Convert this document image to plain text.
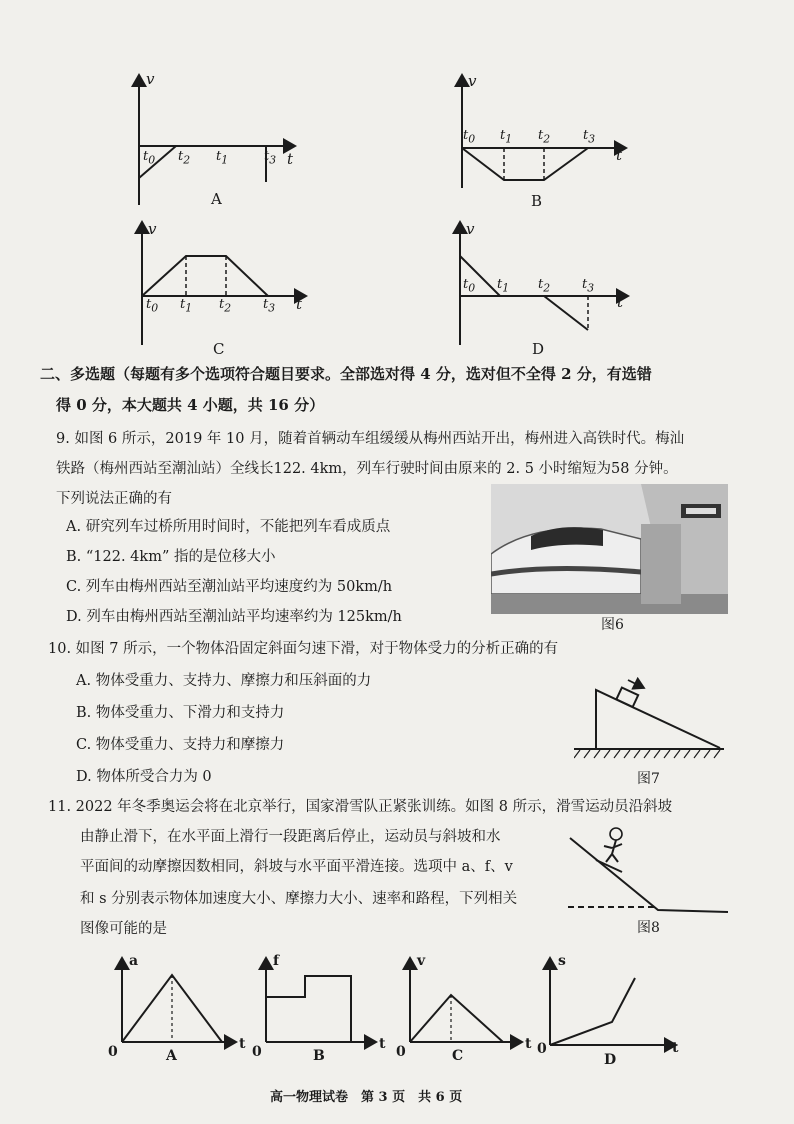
v
t
$t_0$ $t_2$ $t_1$	$t_3$
A
v
t
$t_0$ $t_1$ $t_2$	$t_3$
B
v
t
$t_0$ $t_1$ $t_2$ $t_3$
C
v
t
$t_0$ $t_1$ $t_2$ $t_3$
D
二、多选题（每题有多个选项符合题目要求。全部选对得 4 分，选对但不全得 2 分，有选错
得 0 分，本大题共 4 小题，共 16 分）
9. 如图 6 所示，2019 年 10 月，随着首辆动车组缓缓从梅州西站开出，梅州进入高铁时代。梅汕
铁路（梅州西站至潮汕站）全线长122. 4km，列车行驶时间由原来的 2. 5 小时缩短为58 分钟。
下列说法正确的有
A. 研究列车过桥所用时间时，不能把列车看成质点
B. “122. 4km” 指的是位移大小
C. 列车由梅州西站至潮汕站平均速度约为 50km/h
D. 列车由梅州西站至潮汕站平均速率约为 125km/h	图6
10. 如图 7 所示，一个物体沿固定斜面匀速下滑，对于物体受力的分析正确的有
A. 物体受重力、支持力、摩擦力和压斜面的力
B. 物体受重力、下滑力和支持力
C. 物体受重力、支持力和摩擦力
D. 物体所受合力为 0	图7
11. 2022 年冬季奥运会将在北京举行，国家滑雪队正紧张训练。如图 8 所示，滑雪运动员沿斜坡
由静止滑下，在水平面上滑行一段距离后停止，运动员与斜坡和水
平面间的动摩擦因数相同，斜坡与水平面平滑连接。选项中 a、f、v
和 s 分别表示物体加速度大小、摩擦力大小、速率和路程，下列相关
图像可能的是	图8
a
t
0	A
f
t
0	B
v
t
0	C
s
t
0
D
高一物理试卷　第 3 页　共 6 页
